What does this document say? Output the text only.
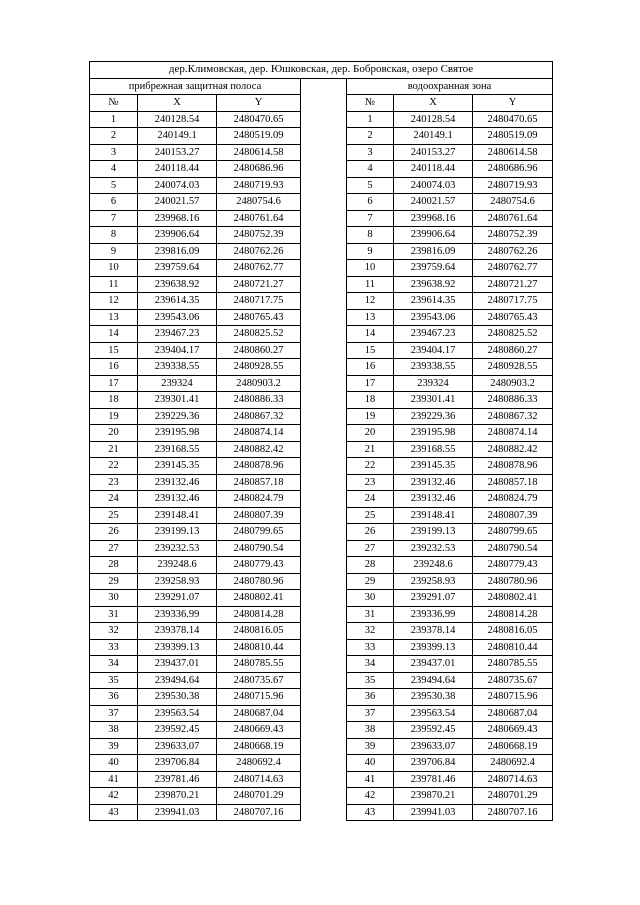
дер.Климовская, дер. Юшковская, дер. Бобровская, озеро Святое						
прибрежная защитная полоса				водоохранная зона		
№	X	Y		№	X	Y
1	240128.54	2480470.65		1	240128.54	2480470.65
2	240149.1	2480519.09		2	240149.1	2480519.09
3	240153.27	2480614.58		3	240153.27	2480614.58
4	240118.44	2480686.96		4	240118.44	2480686.96
5	240074.03	2480719.93		5	240074.03	2480719.93
6	240021.57	2480754.6		6	240021.57	2480754.6
7	239968.16	2480761.64		7	239968.16	2480761.64
8	239906.64	2480752.39		8	239906.64	2480752.39
9	239816.09	2480762.26		9	239816.09	2480762.26
10	239759.64	2480762.77		10	239759.64	2480762.77
11	239638.92	2480721.27		11	239638.92	2480721.27
12	239614.35	2480717.75		12	239614.35	2480717.75
13	239543.06	2480765.43		13	239543.06	2480765.43
14	239467.23	2480825.52		14	239467.23	2480825.52
15	239404.17	2480860.27		15	239404.17	2480860.27
16	239338.55	2480928.55		16	239338.55	2480928.55
17	239324	2480903.2		17	239324	2480903.2
18	239301.41	2480886.33		18	239301.41	2480886.33
19	239229.36	2480867.32		19	239229.36	2480867.32
20	239195.98	2480874.14		20	239195.98	2480874.14
21	239168.55	2480882.42		21	239168.55	2480882.42
22	239145.35	2480878.96		22	239145.35	2480878.96
23	239132.46	2480857.18		23	239132.46	2480857.18
24	239132.46	2480824.79		24	239132.46	2480824.79
25	239148.41	2480807.39		25	239148.41	2480807.39
26	239199.13	2480799.65		26	239199.13	2480799.65
27	239232.53	2480790.54		27	239232.53	2480790.54
28	239248.6	2480779.43		28	239248.6	2480779.43
29	239258.93	2480780.96		29	239258.93	2480780.96
30	239291.07	2480802.41		30	239291.07	2480802.41
31	239336.99	2480814.28		31	239336.99	2480814.28
32	239378.14	2480816.05		32	239378.14	2480816.05
33	239399.13	2480810.44		33	239399.13	2480810.44
34	239437.01	2480785.55		34	239437.01	2480785.55
35	239494.64	2480735.67		35	239494.64	2480735.67
36	239530.38	2480715.96		36	239530.38	2480715.96
37	239563.54	2480687.04		37	239563.54	2480687.04
38	239592.45	2480669.43		38	239592.45	2480669.43
39	239633.07	2480668.19		39	239633.07	2480668.19
40	239706.84	2480692.4		40	239706.84	2480692.4
41	239781.46	2480714.63		41	239781.46	2480714.63
42	239870.21	2480701.29		42	239870.21	2480701.29
43	239941.03	2480707.16		43	239941.03	2480707.16
